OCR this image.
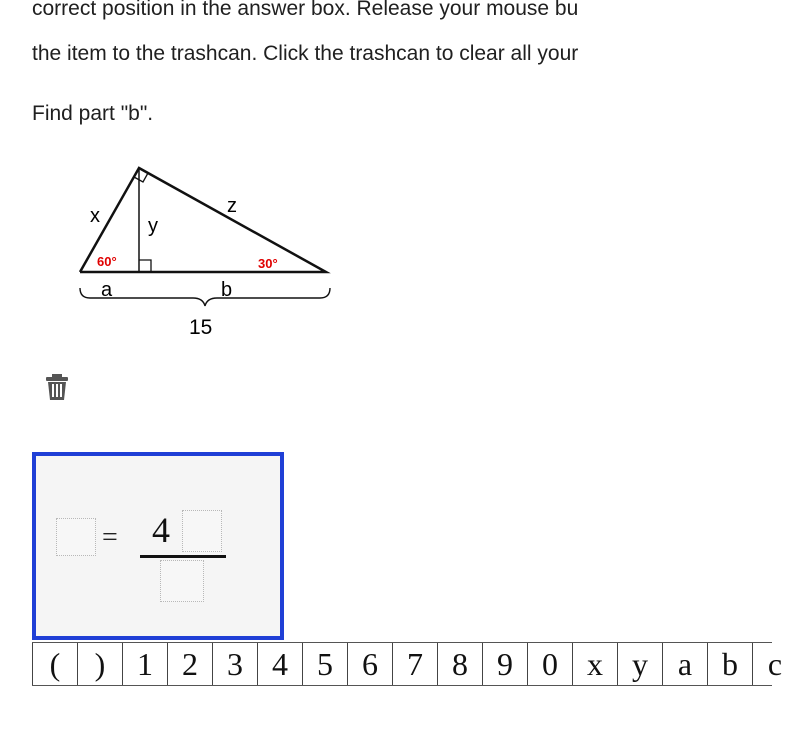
correct position in the answer box. Release your mouse bu
the item to the trashcan. Click the trashcan to clear all your
Find part "b".
x y
z
60°	30°
a	b
15
= 4
(	) 1 2 3 4 5 6 7 8 9 0 x y a b c
